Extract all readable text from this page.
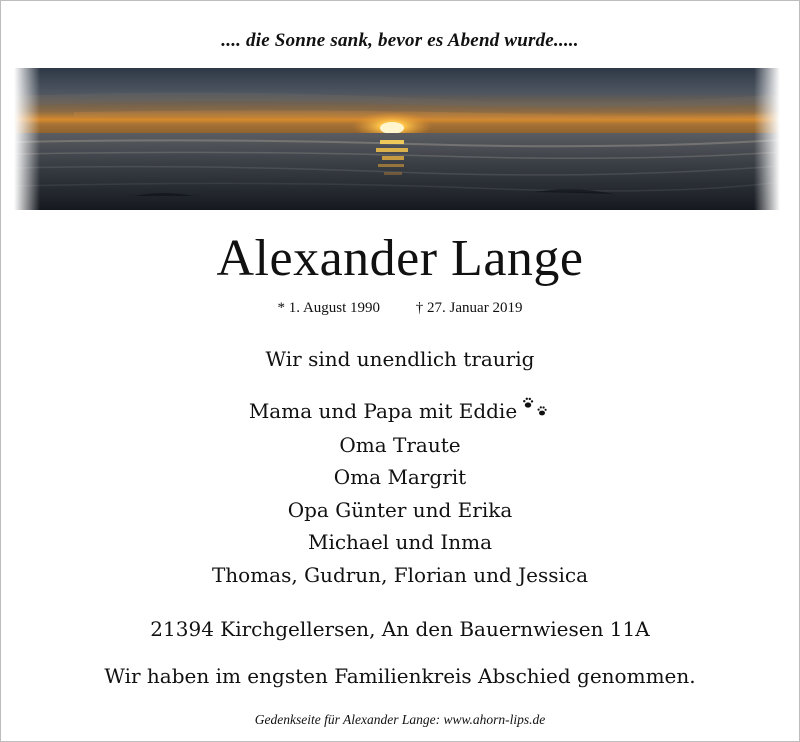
.... die Sonne sank, bevor es Abend wurde.....
Alexander Lange
* 1. August 1990 † 27. Januar 2019
Wir sind unendlich traurig
Mama und Papa mit Eddie
Oma Traute
Oma Margrit
Opa Günter und Erika
Michael und Inma
Thomas, Gudrun, Florian und Jessica
21394 Kirchgellersen, An den Bauernwiesen 11A
Wir haben im engsten Familienkreis Abschied genommen.
Gedenkseite für Alexander Lange: www.ahorn-lips.de
